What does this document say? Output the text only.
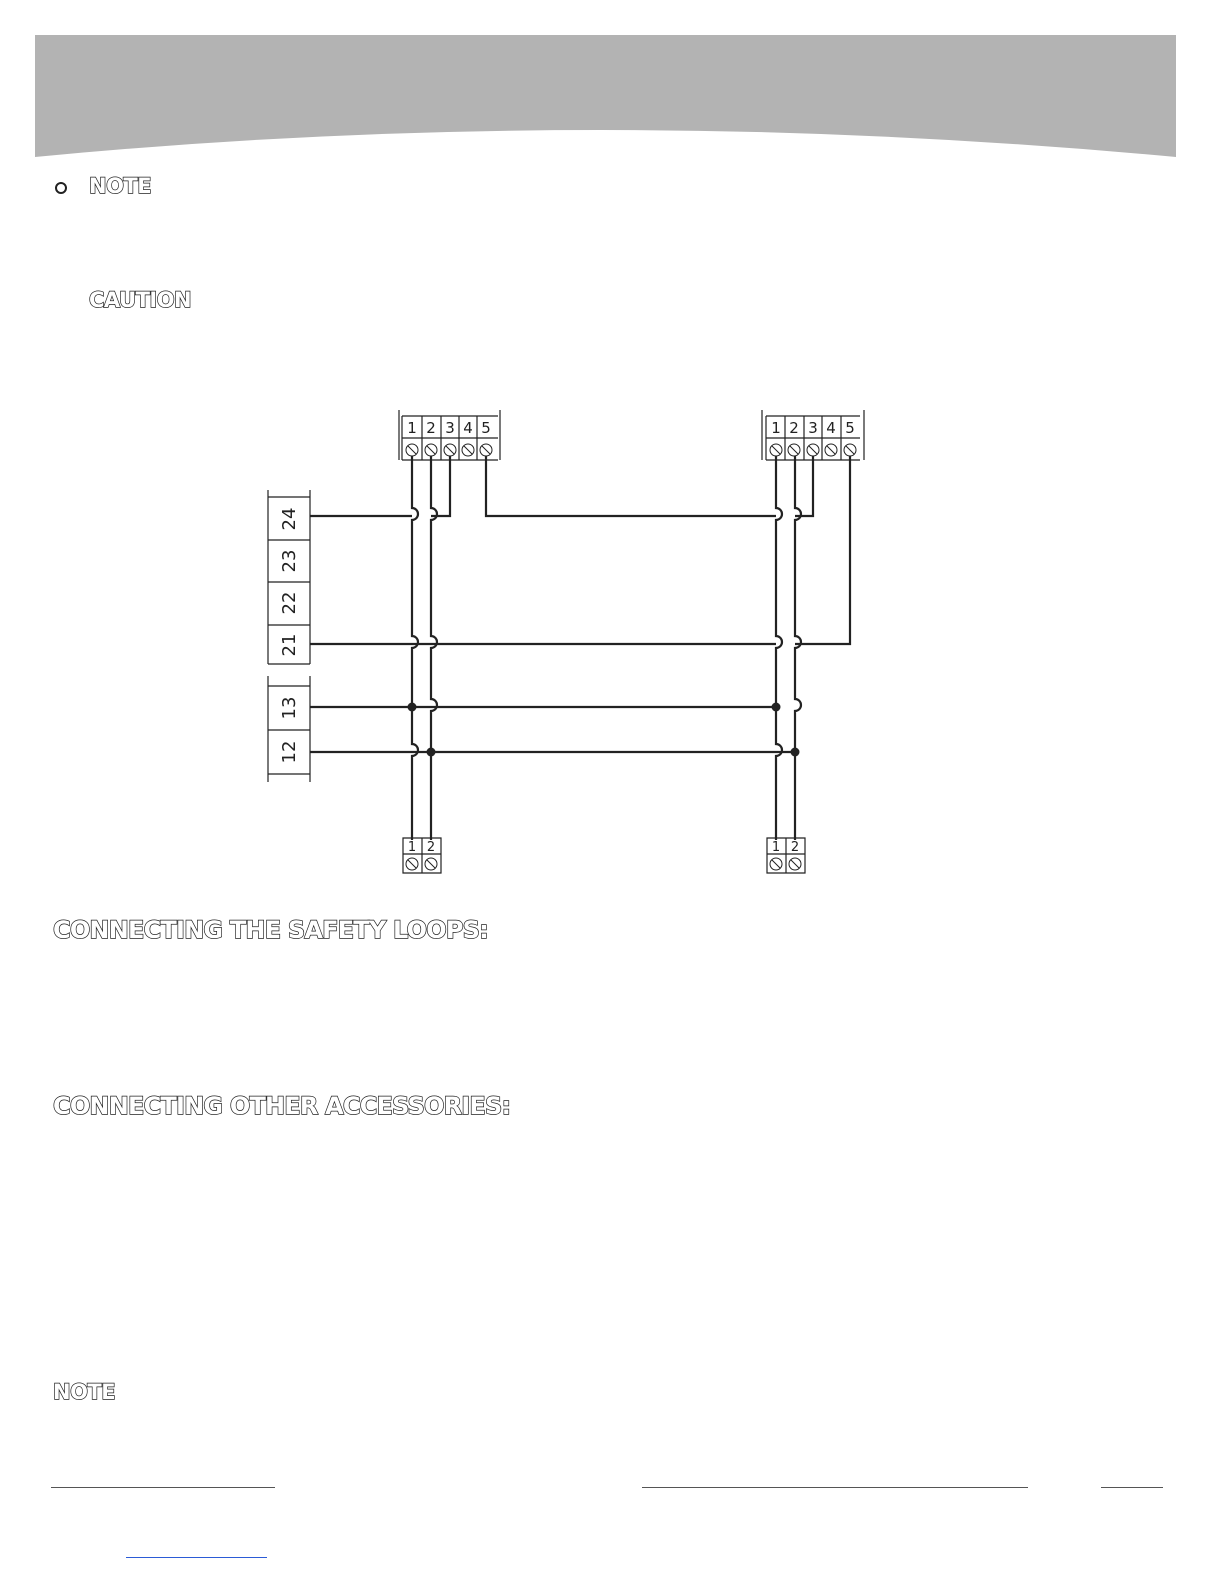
NOTE
CAUTION
1 2 3 4 5	1 2 3 4 5
1 2	1 2
24
23
22
21
13
12
CONNECTING THE SAFETY LOOPS:
CONNECTING OTHER ACCESSORIES:
NOTE
